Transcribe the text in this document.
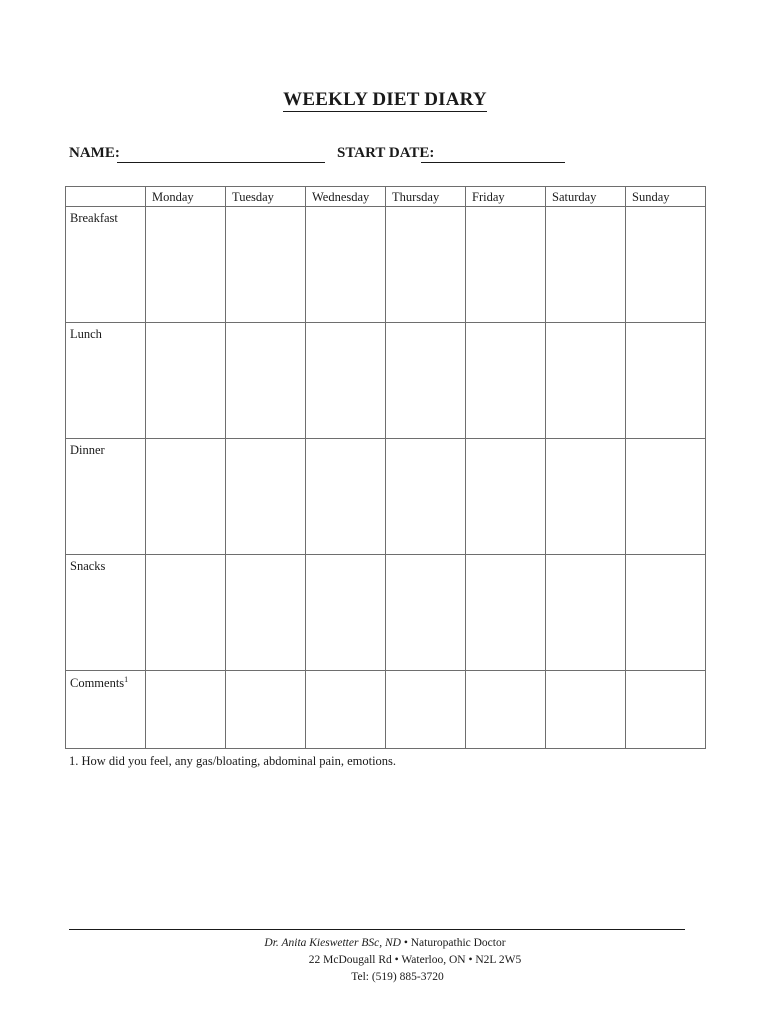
WEEKLY DIET DIARY
NAME:	START DATE:
	Monday	Tuesday	Wednesday	Thursday	Friday	Saturday	Sunday
Breakfast							
Lunch							
Dinner							
Snacks							
Comments$^1$							
1. How did you feel, any gas/bloating, abdominal pain, emotions.
Dr. Anita Kieswetter BSc, ND • Naturopathic Doctor
22 McDougall Rd • Waterloo, ON • N2L 2W5
Tel: (519) 885-3720
